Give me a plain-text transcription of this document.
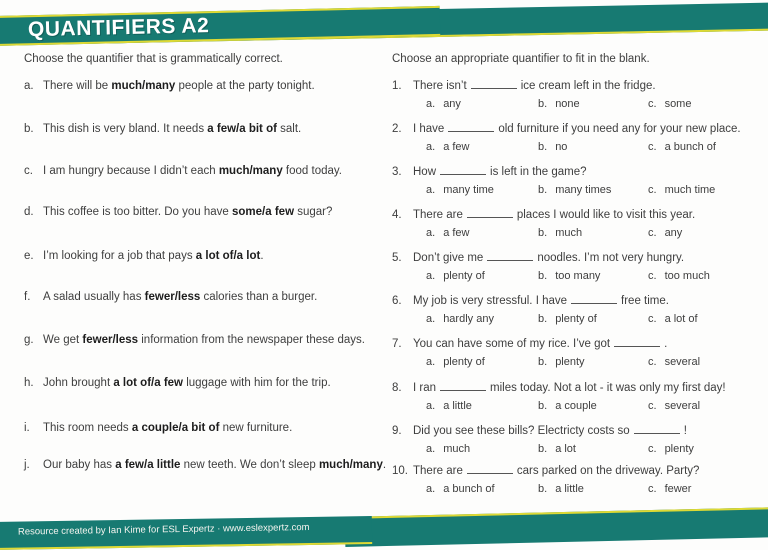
QUANTIFIERS A2
Choose the quantifier that is grammatically correct.
a. There will be much/many people at the party tonight.
b. This dish is very bland. It needs a few/a bit of salt.
c. I am hungry because I didn’t each much/many food today.
d. This coffee is too bitter. Do you have some/a few sugar?
e. I’m looking for a job that pays a lot of/a lot.
f.	A salad usually has fewer/less calories than a burger.
g. We get fewer/less information from the newspaper these days.
h. John brought a lot of/a few luggage with him for the trip.
i.	This room needs a couple/a bit of new furniture.
j.	Our baby has a few/a little new teeth. We don’t sleep much/many.
Choose an appropriate quantifier to fit in the blank.
1. There isn’t	ice cream left in the fridge.
a. any	b. none	c. some
2. I have	old furniture if you need any for your new place.
a. a few	b. no	c. a bunch of
3. How	is left in the game?
a. many time	b. many times	c. much time
4. There are	places I would like to visit this year.
a. a few	b. much	c. any
5. Don’t give me	noodles. I’m not very hungry.
a. plenty of	b. too many	c. too much
6. My job is very stressful. I have	free time.
a. hardly any	b. plenty of	c. a lot of
7. You can have some of my rice. I’ve got	.
a. plenty of	b. plenty	c. several
8. I ran	miles today. Not a lot - it was only my first day!
a. a little	b. a couple	c. several
9. Did you see these bills? Electricty costs so	!
a. much	b. a lot	c. plenty
10. There are	cars parked on the driveway. Party?
a. a bunch of	b. a little	c. fewer
Resource created by Ian Kime for ESL Expertz · www.eslexpertz.com
